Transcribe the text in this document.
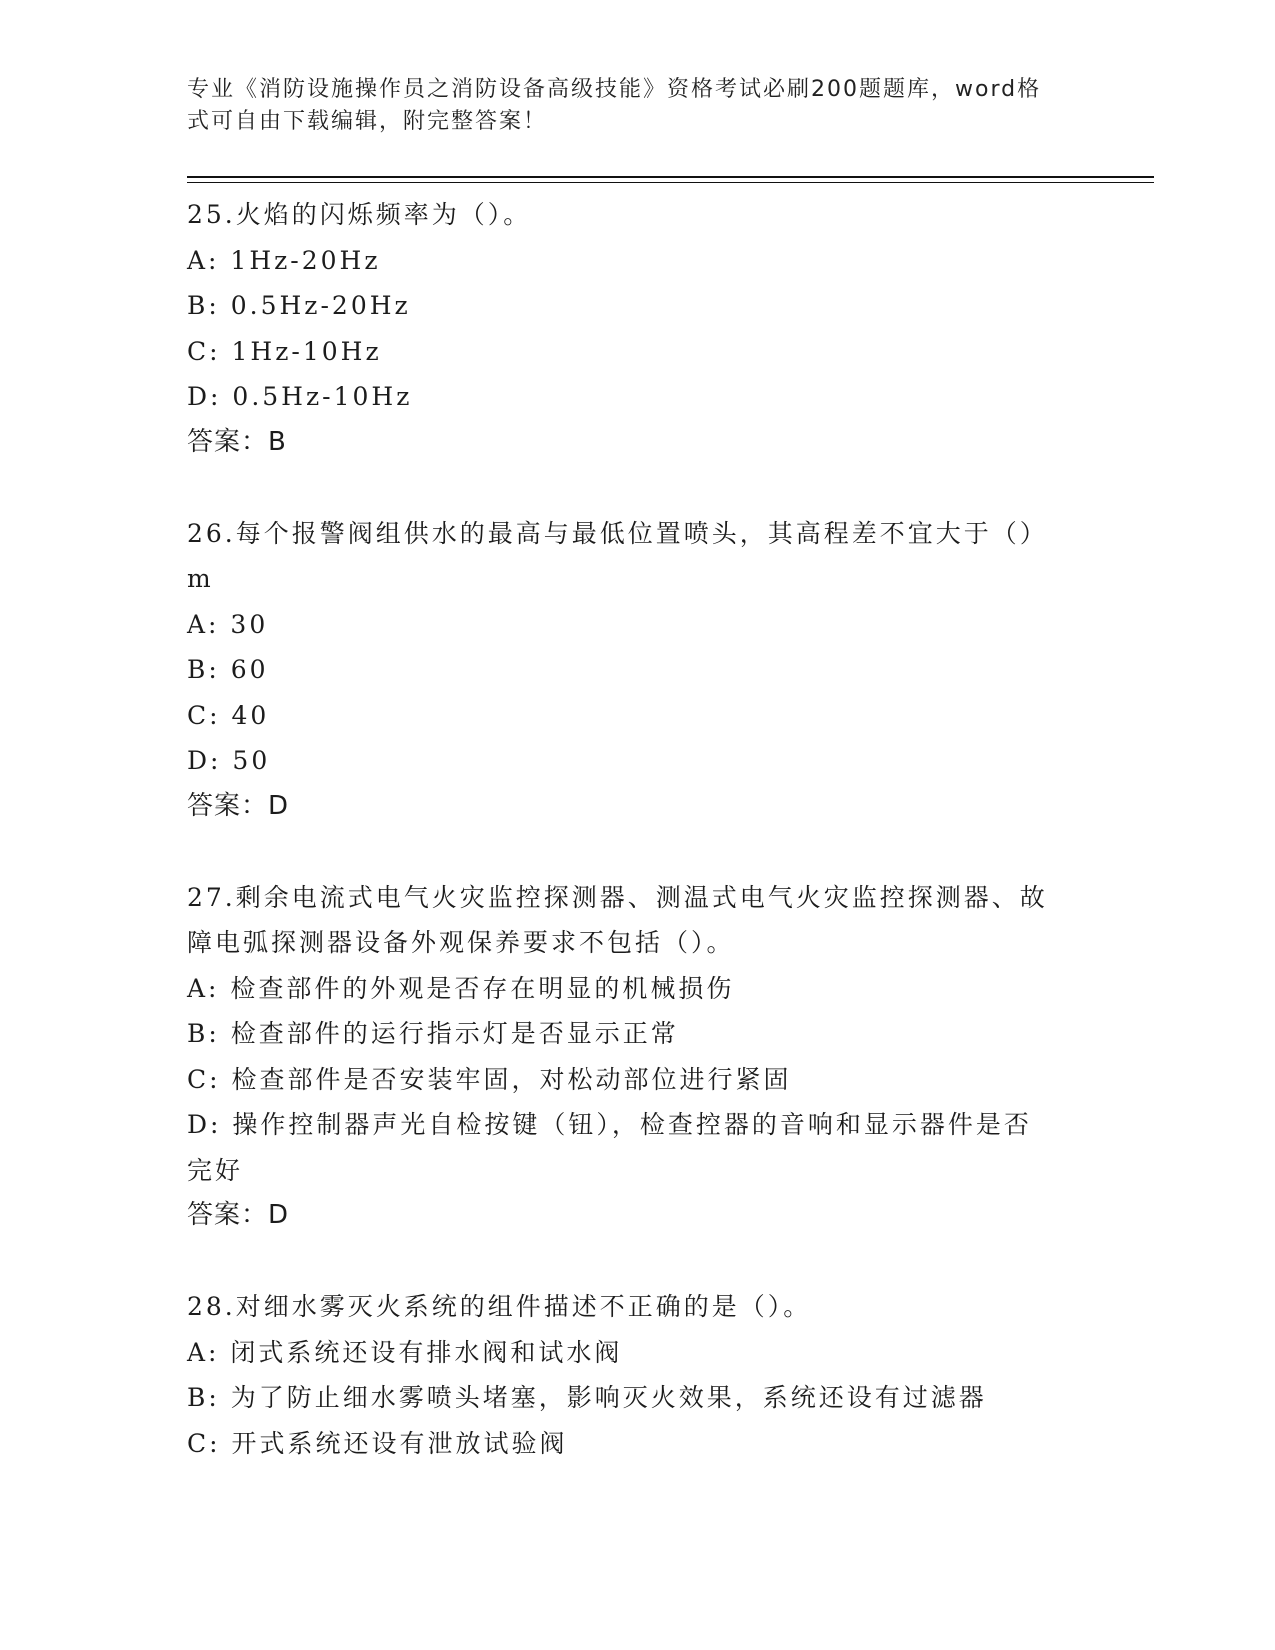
专业《消防设施操作员之消防设备高级技能》资格考试必刷200题题库，word格
式可自由下载编辑，附完整答案！
25.火焰的闪烁频率为（）。
A: 1Hz-20Hz
B: 0.5Hz-20Hz
C: 1Hz-10Hz
D: 0.5Hz-10Hz
答案：B
26.每个报警阀组供水的最高与最低位置喷头，其高程差不宜大于（）
m
A: 30
B: 60
C: 40
D: 50
答案：D
27.剩余电流式电气火灾监控探测器、测温式电气火灾监控探测器、故
障电弧探测器设备外观保养要求不包括（）。
A: 检查部件的外观是否存在明显的机械损伤
B: 检查部件的运行指示灯是否显示正常
C: 检查部件是否安装牢固，对松动部位进行紧固
D: 操作控制器声光自检按键（钮），检查控器的音响和显示器件是否
完好
答案：D
28.对细水雾灭火系统的组件描述不正确的是（）。
A: 闭式系统还设有排水阀和试水阀
B: 为了防止细水雾喷头堵塞，影响灭火效果，系统还设有过滤器
C: 开式系统还设有泄放试验阀
